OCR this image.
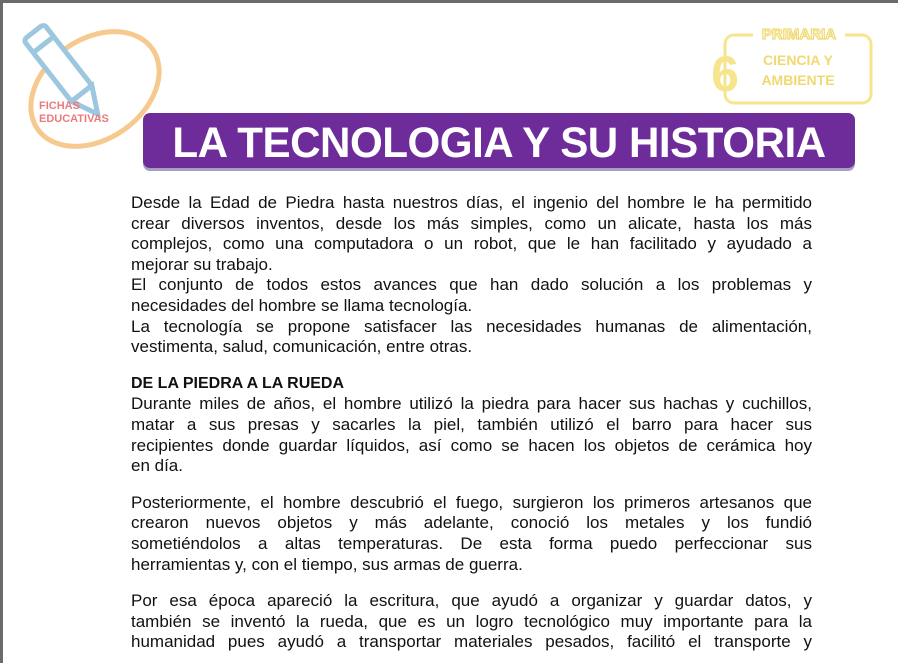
FICHAS
EDUCATIVAS
PRIMARIA
6 CIENCIA Y
AMBIENTE
LA TECNOLOGIA Y SU HISTORIA
Desde la Edad de Piedra hasta nuestros días, el ingenio del hombre le ha permitido
crear diversos inventos, desde los más simples, como un alicate, hasta los más
complejos, como una computadora o un robot, que le han facilitado y ayudado a
mejorar su trabajo.
El conjunto de todos estos avances que han dado solución a los problemas y
necesidades del hombre se llama tecnología.
La tecnología se propone satisfacer las necesidades humanas de alimentación,
vestimenta, salud, comunicación, entre otras.
DE LA PIEDRA A LA RUEDA
Durante miles de años, el hombre utilizó la piedra para hacer sus hachas y cuchillos,
matar a sus presas y sacarles la piel, también utilizó el barro para hacer sus
recipientes donde guardar líquidos, así como se hacen los objetos de cerámica hoy
en día.
Posteriormente, el hombre descubrió el fuego, surgieron los primeros artesanos que
crearon nuevos objetos y más adelante, conoció los metales y los fundió
sometiéndolos a altas temperaturas. De esta forma puedo perfeccionar sus
herramientas y, con el tiempo, sus armas de guerra.
Por esa época apareció la escritura, que ayudó a organizar y guardar datos, y
también se inventó la rueda, que es un logro tecnológico muy importante para la
humanidad pues ayudó a transportar materiales pesados, facilitó el transporte y
